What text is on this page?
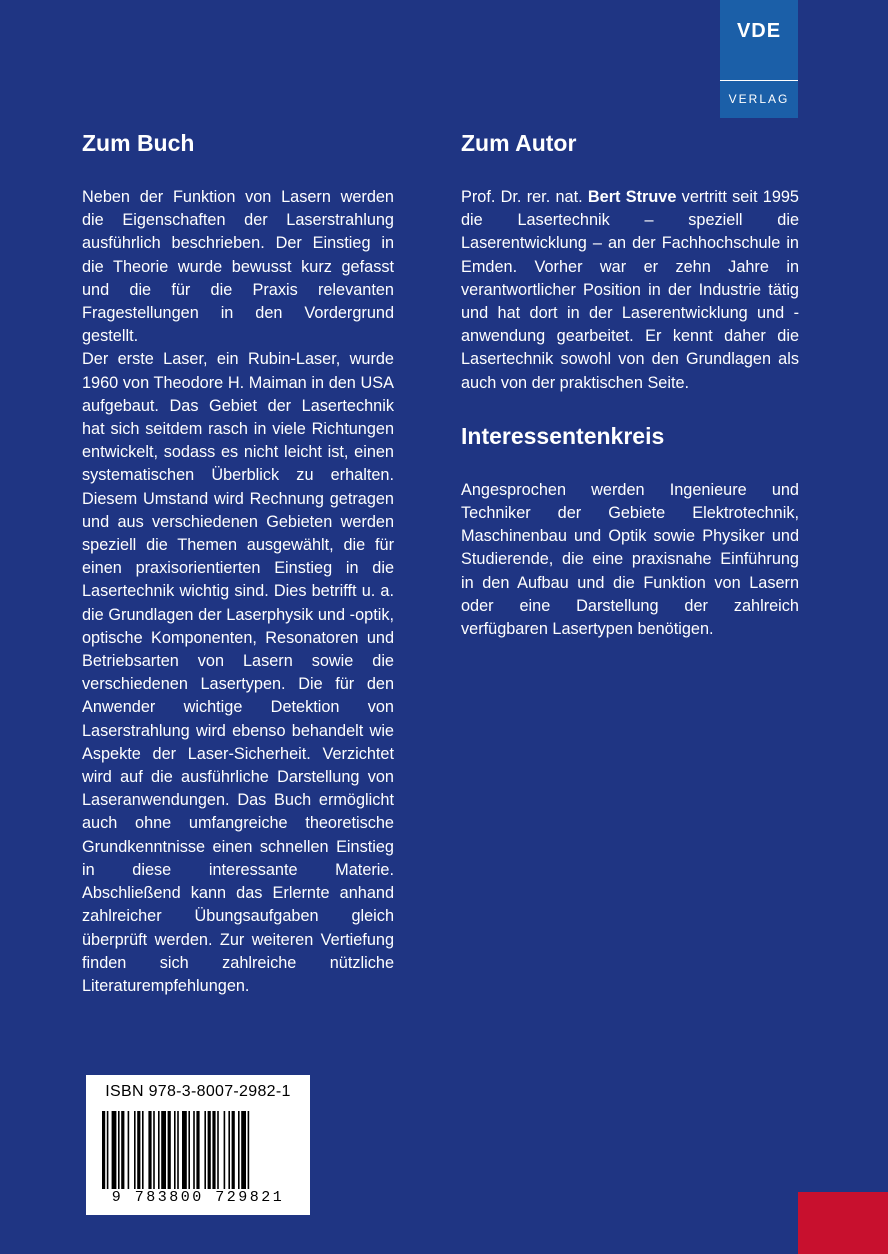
VDE
VERLAG
Zum Buch

Neben der Funktion von Lasern werden die Eigenschaften der Laserstrahlung ausführlich beschrieben. Der Einstieg in die Theorie wurde bewusst kurz gefasst und die für die Praxis relevanten Fragestellungen in den Vordergrund gestellt.
Der erste Laser, ein Rubin-Laser, wurde 1960 von Theodore H. Maiman in den USA aufgebaut. Das Gebiet der Lasertechnik hat sich seitdem rasch in viele Richtungen entwickelt, sodass es nicht leicht ist, einen systematischen Überblick zu erhalten. Diesem Umstand wird Rechnung getragen und aus verschiedenen Gebieten werden speziell die Themen ausgewählt, die für einen praxisorientierten Einstieg in die Lasertechnik wichtig sind. Dies betrifft u. a. die Grundlagen der Laserphysik und -optik, optische Komponenten, Resonatoren und Betriebsarten von Lasern sowie die verschiedenen Lasertypen. Die für den Anwender wichtige Detektion von Laserstrahlung wird ebenso behandelt wie Aspekte der Laser-Sicherheit. Verzichtet wird auf die ausführliche Darstellung von Laseranwendungen. Das Buch ermöglicht auch ohne umfangreiche theoretische Grundkenntnisse einen schnellen Einstieg in diese interessante Materie. Abschließend kann das Erlernte anhand zahlreicher Übungsaufgaben gleich überprüft werden. Zur weiteren Vertiefung finden sich zahlreiche nützliche Literaturempfehlungen.

Zum Autor

Prof. Dr. rer. nat. Bert Struve vertritt seit 1995 die Lasertechnik – speziell die Laserentwicklung – an der Fachhochschule in Emden. Vorher war er zehn Jahre in verantwortlicher Position in der Industrie tätig und hat dort in der Laserentwicklung und -anwendung gearbeitet. Er kennt daher die Lasertechnik sowohl von den Grundlagen als auch von der praktischen Seite.

Interessentenkreis

Angesprochen werden Ingenieure und Techniker der Gebiete Elektrotechnik, Maschinenbau und Optik sowie Physiker und Studierende, die eine praxisnahe Einführung in den Aufbau und die Funktion von Lasern oder eine Darstellung der zahlreich verfügbaren Lasertypen benötigen.

ISBN 978-3-8007-2982-1
9 783800 729821
